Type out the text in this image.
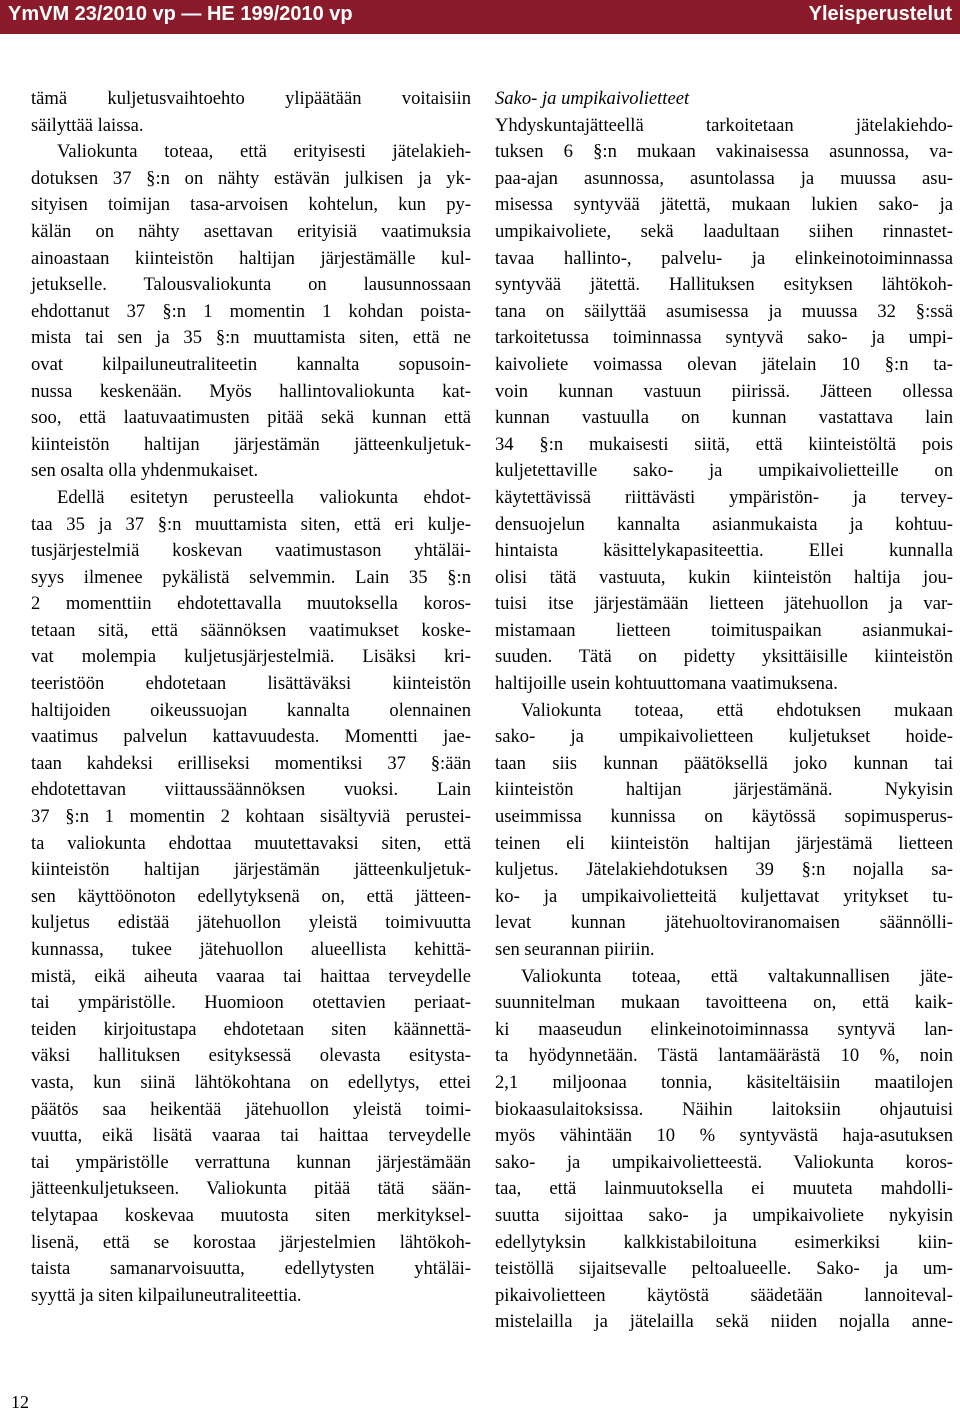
YmVM 23/2010 vp — HE 199/2010 vp	Yleisperustelut
tämä kuljetusvaihtoehto ylipäätään voitaisiin
säilyttää laissa.
Valiokunta toteaa, että erityisesti jätelakieh-
dotuksen 37 §:n on nähty estävän julkisen ja yk-
sityisen toimijan tasa-arvoisen kohtelun, kun py-
kälän on nähty asettavan erityisiä vaatimuksia
ainoastaan kiinteistön haltijan järjestämälle kul-
jetukselle. Talousvaliokunta on lausunnossaan
ehdottanut 37 §:n 1 momentin 1 kohdan poista-
mista tai sen ja 35 §:n muuttamista siten, että ne
ovat kilpailuneutraliteetin kannalta sopusoin-
nussa keskenään. Myös hallintovaliokunta kat-
soo, että laatuvaatimusten pitää sekä kunnan että
kiinteistön haltijan järjestämän jätteenkuljetuk-
sen osalta olla yhdenmukaiset.
Edellä esitetyn perusteella valiokunta ehdot-
taa 35 ja 37 §:n muuttamista siten, että eri kulje-
tusjärjestelmiä koskevan vaatimustason yhtäläi-
syys ilmenee pykälistä selvemmin. Lain 35 §:n
2 momenttiin ehdotettavalla muutoksella koros-
tetaan sitä, että säännöksen vaatimukset koske-
vat molempia kuljetusjärjestelmiä. Lisäksi kri-
teeristöön ehdotetaan lisättäväksi kiinteistön
haltijoiden oikeussuojan kannalta olennainen
vaatimus palvelun kattavuudesta. Momentti jae-
taan kahdeksi erilliseksi momentiksi 37 §:ään
ehdotettavan viittaussäännöksen vuoksi. Lain
37 §:n 1 momentin 2 kohtaan sisältyviä perustei-
ta valiokunta ehdottaa muutettavaksi siten, että
kiinteistön haltijan järjestämän jätteenkuljetuk-
sen käyttöönoton edellytyksenä on, että jätteen-
kuljetus edistää jätehuollon yleistä toimivuutta
kunnassa, tukee jätehuollon alueellista kehittä-
mistä, eikä aiheuta vaaraa tai haittaa terveydelle
tai ympäristölle. Huomioon otettavien periaat-
teiden kirjoitustapa ehdotetaan siten käännettä-
väksi hallituksen esityksessä olevasta esitysta-
vasta, kun siinä lähtökohtana on edellytys, ettei
päätös saa heikentää jätehuollon yleistä toimi-
vuutta, eikä lisätä vaaraa tai haittaa terveydelle
tai ympäristölle verrattuna kunnan järjestämään
jätteenkuljetukseen. Valiokunta pitää tätä sään-
telytapaa koskevaa muutosta siten merkityksel-
lisenä, että se korostaa järjestelmien lähtökoh-
taista samanarvoisuutta, edellytysten yhtäläi-
syyttä ja siten kilpailuneutraliteettia.
Sako- ja umpikaivolietteet
Yhdyskuntajätteellä tarkoitetaan jätelakiehdo-
tuksen 6 §:n mukaan vakinaisessa asunnossa, va-
paa-ajan asunnossa, asuntolassa ja muussa asu-
misessa syntyvää jätettä, mukaan lukien sako- ja
umpikaivoliete, sekä laadultaan siihen rinnastet-
tavaa hallinto-, palvelu- ja elinkeinotoiminnassa
syntyvää jätettä. Hallituksen esityksen lähtökoh-
tana on säilyttää asumisessa ja muussa 32 §:ssä
tarkoitetussa toiminnassa syntyvä sako- ja umpi-
kaivoliete voimassa olevan jätelain 10 §:n ta-
voin kunnan vastuun piirissä. Jätteen ollessa
kunnan vastuulla on kunnan vastattava lain
34 §:n mukaisesti siitä, että kiinteistöltä pois
kuljetettaville sako- ja umpikaivolietteille on
käytettävissä riittävästi ympäristön- ja tervey-
densuojelun kannalta asianmukaista ja kohtuu-
hintaista käsittelykapasiteettia. Ellei kunnalla
olisi tätä vastuuta, kukin kiinteistön haltija jou-
tuisi itse järjestämään lietteen jätehuollon ja var-
mistamaan lietteen toimituspaikan asianmukai-
suuden. Tätä on pidetty yksittäisille kiinteistön
haltijoille usein kohtuuttomana vaatimuksena.
Valiokunta toteaa, että ehdotuksen mukaan
sako- ja umpikaivolietteen kuljetukset hoide-
taan siis kunnan päätöksellä joko kunnan tai
kiinteistön haltijan järjestämänä. Nykyisin
useimmissa kunnissa on käytössä sopimusperus-
teinen eli kiinteistön haltijan järjestämä lietteen
kuljetus. Jätelakiehdotuksen 39 §:n nojalla sa-
ko- ja umpikaivolietteitä kuljettavat yritykset tu-
levat kunnan jätehuoltoviranomaisen säännölli-
sen seurannan piiriin.
Valiokunta toteaa, että valtakunnallisen jäte-
suunnitelman mukaan tavoitteena on, että kaik-
ki maaseudun elinkeinotoiminnassa syntyvä lan-
ta hyödynnetään. Tästä lantamäärästä 10 %, noin
2,1 miljoonaa tonnia, käsiteltäisiin maatilojen
biokaasulaitoksissa. Näihin laitoksiin ohjautuisi
myös vähintään 10 % syntyvästä haja-asutuksen
sako- ja umpikaivolietteestä. Valiokunta koros-
taa, että lainmuutoksella ei muuteta mahdolli-
suutta sijoittaa sako- ja umpikaivoliete nykyisin
edellytyksin kalkkistabiloituna esimerkiksi kiin-
teistöllä sijaitsevalle peltoalueelle. Sako- ja um-
pikaivolietteen käytöstä säädetään lannoiteval-
mistelailla ja jätelailla sekä niiden nojalla anne-
12
